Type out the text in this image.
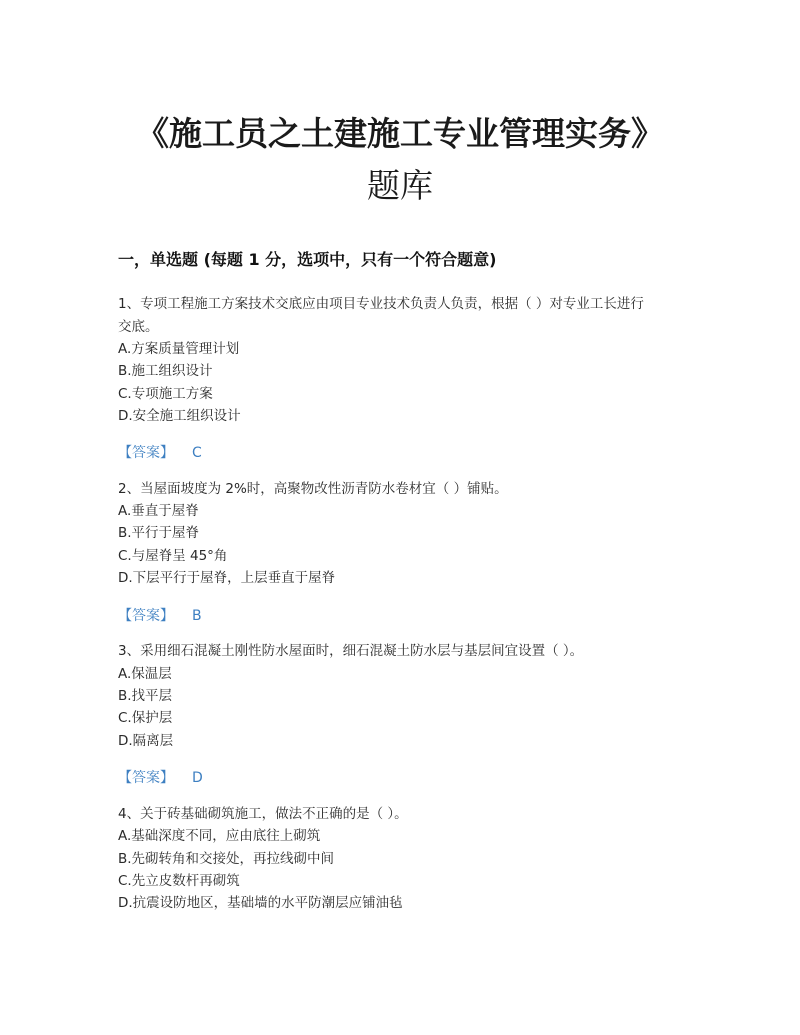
《施工员之土建施工专业管理实务》
题库
一，单选题 (每题 1 分，选项中，只有一个符合题意)
1、专项工程施工方案技术交底应由项目专业技术负责人负责，根据（ ）对专业工长进行
交底。
A.方案质量管理计划
B.施工组织设计
C.专项施工方案
D.安全施工组织设计
【答案】 C
2、当屋面坡度为 2%时，高聚物改性沥青防水卷材宜（ ）铺贴。
A.垂直于屋脊
B.平行于屋脊
C.与屋脊呈 45°角
D.下层平行于屋脊，上层垂直于屋脊
【答案】 B
3、采用细石混凝土刚性防水屋面时，细石混凝土防水层与基层间宜设置（ ）。
A.保温层
B.找平层
C.保护层
D.隔离层
【答案】 D
4、关于砖基础砌筑施工，做法不正确的是（ ）。
A.基础深度不同，应由底往上砌筑
B.先砌转角和交接处，再拉线砌中间
C.先立皮数杆再砌筑
D.抗震设防地区，基础墙的水平防潮层应铺油毡
